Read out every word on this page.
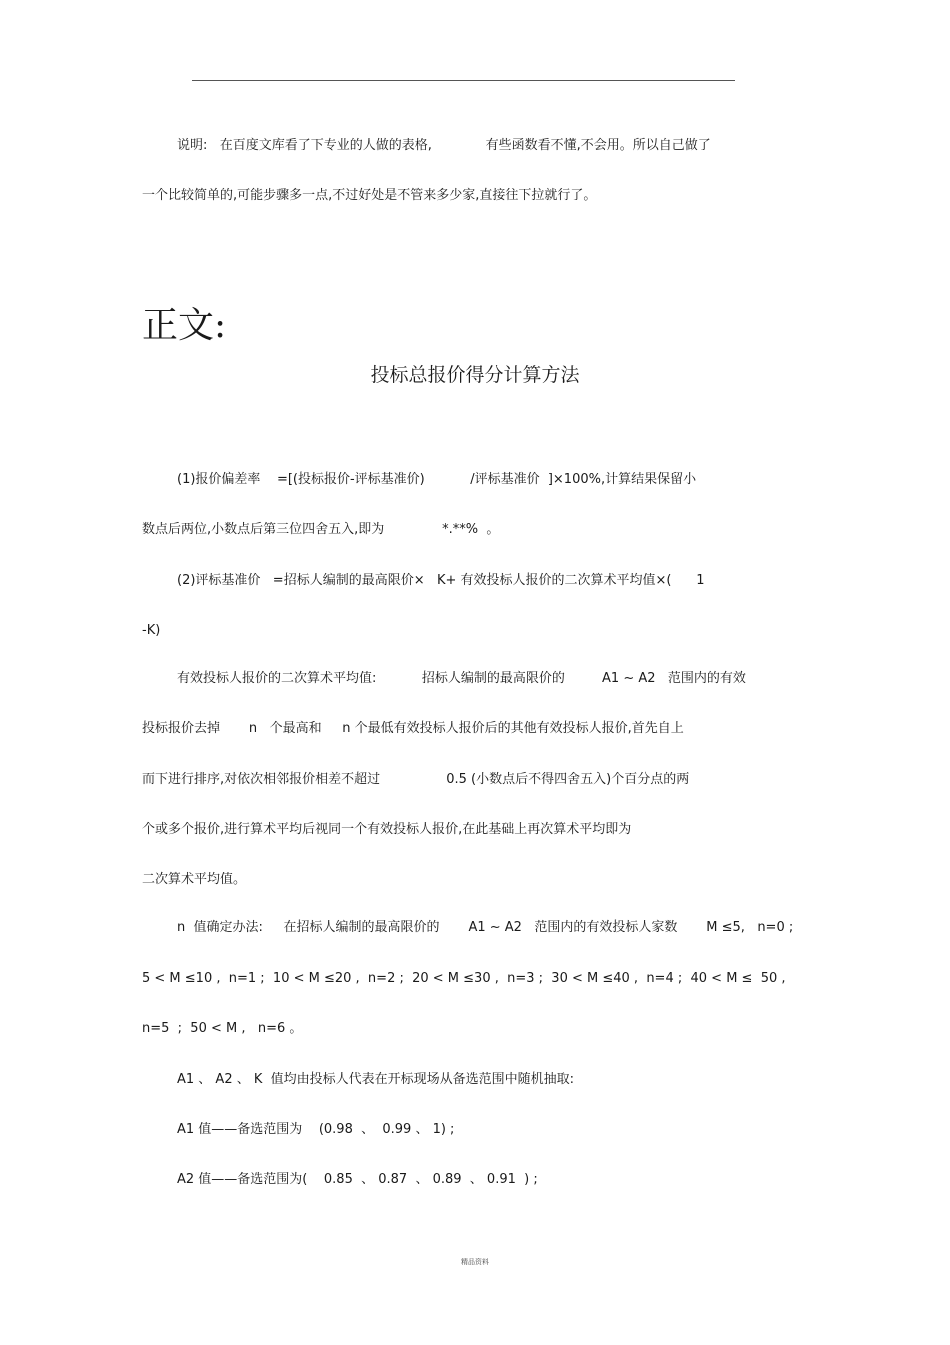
说明:   在百度文库看了下专业的人做的表格,             有些函数看不懂,不会用。所以自己做了
一个比较简单的,可能步骤多一点,不过好处是不管来多少家,直接往下拉就行了。
正文:
投标总报价得分计算方法
(1)报价偏差率    =[(投标报价-评标基准价)           /评标基准价  ]×100%,计算结果保留小
数点后两位,小数点后第三位四舍五入,即为              *.**%  。
(2)评标基准价   =招标人编制的最高限价×   K+ 有效投标人报价的二次算术平均值×(      1
-K)
有效投标人报价的二次算术平均值:           招标人编制的最高限价的         A1 ~ A2   范围内的有效
投标报价去掉       n   个最高和     n 个最低有效投标人报价后的其他有效投标人报价,首先自上
而下进行排序,对依次相邻报价相差不超过                0.5 (小数点后不得四舍五入)个百分点的两
个或多个报价,进行算术平均后视同一个有效投标人报价,在此基础上再次算术平均即为
二次算术平均值。
n  值确定办法:     在招标人编制的最高限价的       A1 ~ A2   范围内的有效投标人家数       M ≤5,   n=0 ;
5 < M ≤10 ,  n=1 ;  10 < M ≤20 ,  n=2 ;  20 < M ≤30 ,  n=3 ;  30 < M ≤40 ,  n=4 ;  40 < M ≤  50 ,
n=5  ;  50 < M ,   n=6 。
A1 、 A2 、 K  值均由投标人代表在开标现场从备选范围中随机抽取:
A1 值——备选范围为    (0.98  、  0.99 、 1) ;
A2 值——备选范围为(    0.85  、 0.87  、 0.89  、 0.91  ) ;
精品资料
